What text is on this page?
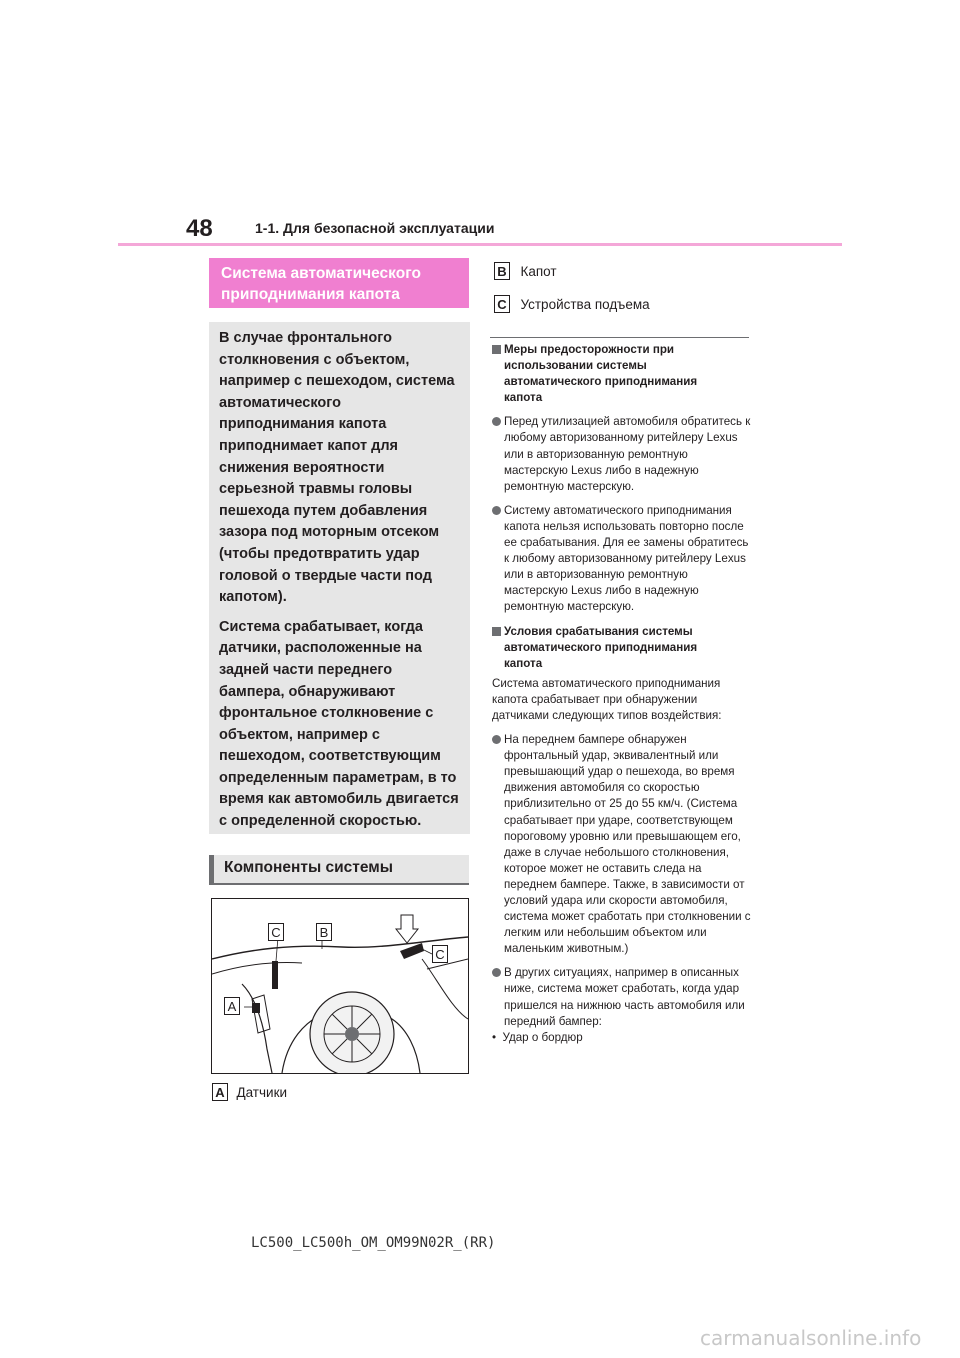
48	1-1. Для безопасной эксплуатации
Система автоматического приподнимания капота

В случае фронтального столкновения с объектом, например с пешеходом, система автоматического приподнимания капота приподнимает капот для снижения вероятности серьезной травмы головы пешехода путем добавления зазора под моторным отсеком (чтобы предотвратить удар головой о твердые части под капотом).

Система срабатывает, когда датчики, расположенные на задней части переднего бампера, обнаруживают фронтальное столкновение с объектом, например с пешеходом, соответствующим определенным параметрам, в то время как автомобиль двигается с определенной скоростью.

Компоненты системы
C	B
C
A
A Датчики
B Капот
C Устройства подъема
Меры предосторожности при использовании системы автоматического приподнимания капота
Перед утилизацией автомобиля обратитесь к любому авторизованному ритейлеру Lexus или в авторизованную ремонтную мастерскую Lexus либо в надежную ремонтную мастерскую.
Систему автоматического приподнимания капота нельзя использовать повторно после ее срабатывания. Для ее замены обратитесь к любому авторизованному ритейлеру Lexus или в авторизованную ремонтную мастерскую Lexus либо в надежную ремонтную мастерскую.
Условия срабатывания системы автоматического приподнимания капота
Система автоматического приподнимания капота срабатывает при обнаружении датчиками следующих типов воздействия:
На переднем бампере обнаружен фронтальный удар, эквивалентный или превышающий удар о пешехода, во время движения автомобиля со скоростью приблизительно от 25 до 55 км/ч. (Система срабатывает при ударе, соответствующем пороговому уровню или превышающем его, даже в случае небольшого столкновения, которое может не оставить следа на переднем бампере. Также, в зависимости от условий удара или скорости автомобиля, система может сработать при столкновении с легким или небольшим объектом или маленьким животным.)
В других ситуациях, например в описанных ниже, система может сработать, когда удар пришелся на нижнюю часть автомобиля или передний бампер:
•  Удар о бордюр
LC500_LC500h_OM_OM99N02R_(RR)
carmanualsonline.info
